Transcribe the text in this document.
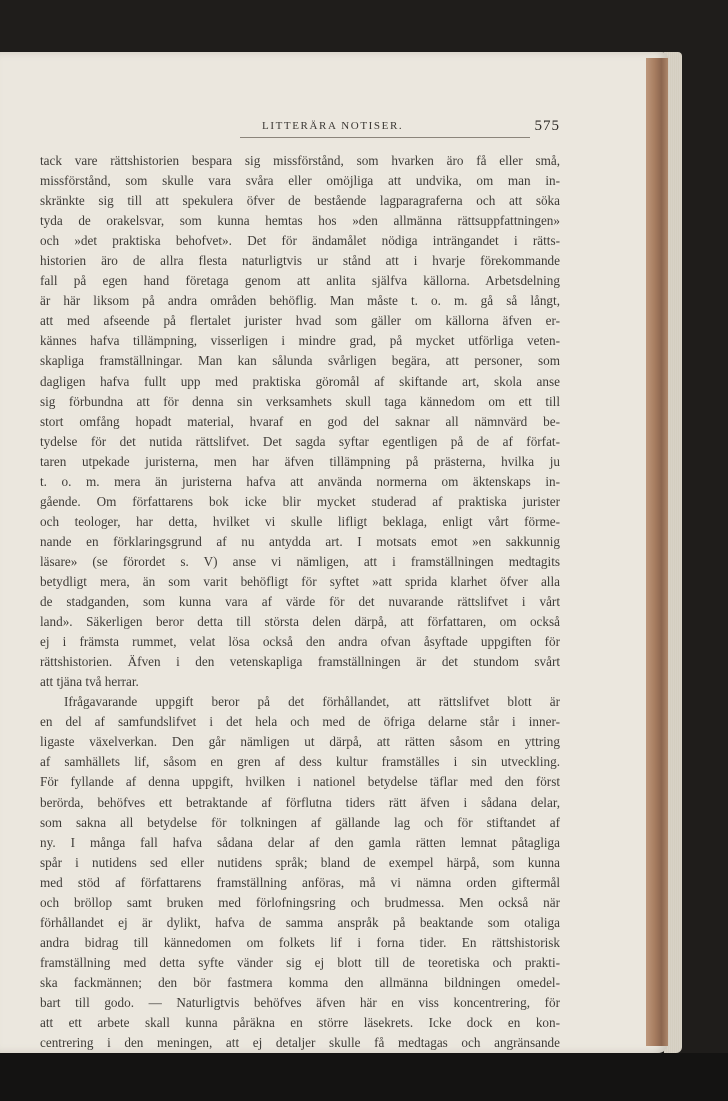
LITTERÄRA NOTISER.	575
tack vare rättshistorien bespara sig missförstånd, som hvarken äro få eller små,
missförstånd, som skulle vara svåra eller omöjliga att undvika, om man in-
skränkte sig till att spekulera öfver de bestående lagparagraferna och att söka
tyda de orakelsvar, som kunna hemtas hos »den allmänna rättsuppfattningen»
och »det praktiska behofvet». Det för ändamålet nödiga inträngandet i rätts-
historien äro de allra flesta naturligtvis ur stånd att i hvarje förekommande
fall på egen hand företaga genom att anlita själfva källorna. Arbetsdelning
är här liksom på andra områden behöflig. Man måste t. o. m. gå så långt,
att med afseende på flertalet jurister hvad som gäller om källorna äfven er-
kännes hafva tillämpning, visserligen i mindre grad, på mycket utförliga veten-
skapliga framställningar. Man kan sålunda svårligen begära, att personer, som
dagligen hafva fullt upp med praktiska göromål af skiftande art, skola anse
sig förbundna att för denna sin verksamhets skull taga kännedom om ett till
stort omfång hopadt material, hvaraf en god del saknar all nämnvärd be-
tydelse för det nutida rättslifvet. Det sagda syftar egentligen på de af förfat-
taren utpekade juristerna, men har äfven tillämpning på prästerna, hvilka ju
t. o. m. mera än juristerna hafva att använda normerna om äktenskaps in-
gående. Om författarens bok icke blir mycket studerad af praktiska jurister
och teologer, har detta, hvilket vi skulle lifligt beklaga, enligt vårt förme-
nande en förklaringsgrund af nu antydda art. I motsats emot »en sakkunnig
läsare» (se förordet s. V) anse vi nämligen, att i framställningen medtagits
betydligt mera, än som varit behöfligt för syftet »att sprida klarhet öfver alla
de stadganden, som kunna vara af värde för det nuvarande rättslifvet i vårt
land». Säkerligen beror detta till största delen därpå, att författaren, om också
ej i främsta rummet, velat lösa också den andra ofvan åsyftade uppgiften för
rättshistorien. Äfven i den vetenskapliga framställningen är det stundom svårt
att tjäna två herrar.
Ifrågavarande uppgift beror på det förhållandet, att rättslifvet blott är
en del af samfundslifvet i det hela och med de öfriga delarne står i inner-
ligaste växelverkan. Den går nämligen ut därpå, att rätten såsom en yttring
af samhällets lif, såsom en gren af dess kultur framställes i sin utveckling.
För fyllande af denna uppgift, hvilken i nationel betydelse täflar med den först
berörda, behöfves ett betraktande af förflutna tiders rätt äfven i sådana delar,
som sakna all betydelse för tolkningen af gällande lag och för stiftandet af
ny. I många fall hafva sådana delar af den gamla rätten lemnat påtagliga
spår i nutidens sed eller nutidens språk; bland de exempel härpå, som kunna
med stöd af författarens framställning anföras, må vi nämna orden giftermål
och bröllop samt bruken med förlofningsring och brudmessa. Men också när
förhållandet ej är dylikt, hafva de samma anspråk på beaktande som otaliga
andra bidrag till kännedomen om folkets lif i forna tider. En rättshistorisk
framställning med detta syfte vänder sig ej blott till de teoretiska och prakti-
ska fackmännen; den bör fastmera komma den allmänna bildningen omedel-
bart till godo. — Naturligtvis behöfves äfven här en viss koncentrering, för
att ett arbete skall kunna påräkna en större läsekrets. Icke dock en kon-
centrering i den meningen, att ej detaljer skulle få medtagas och angränsande
